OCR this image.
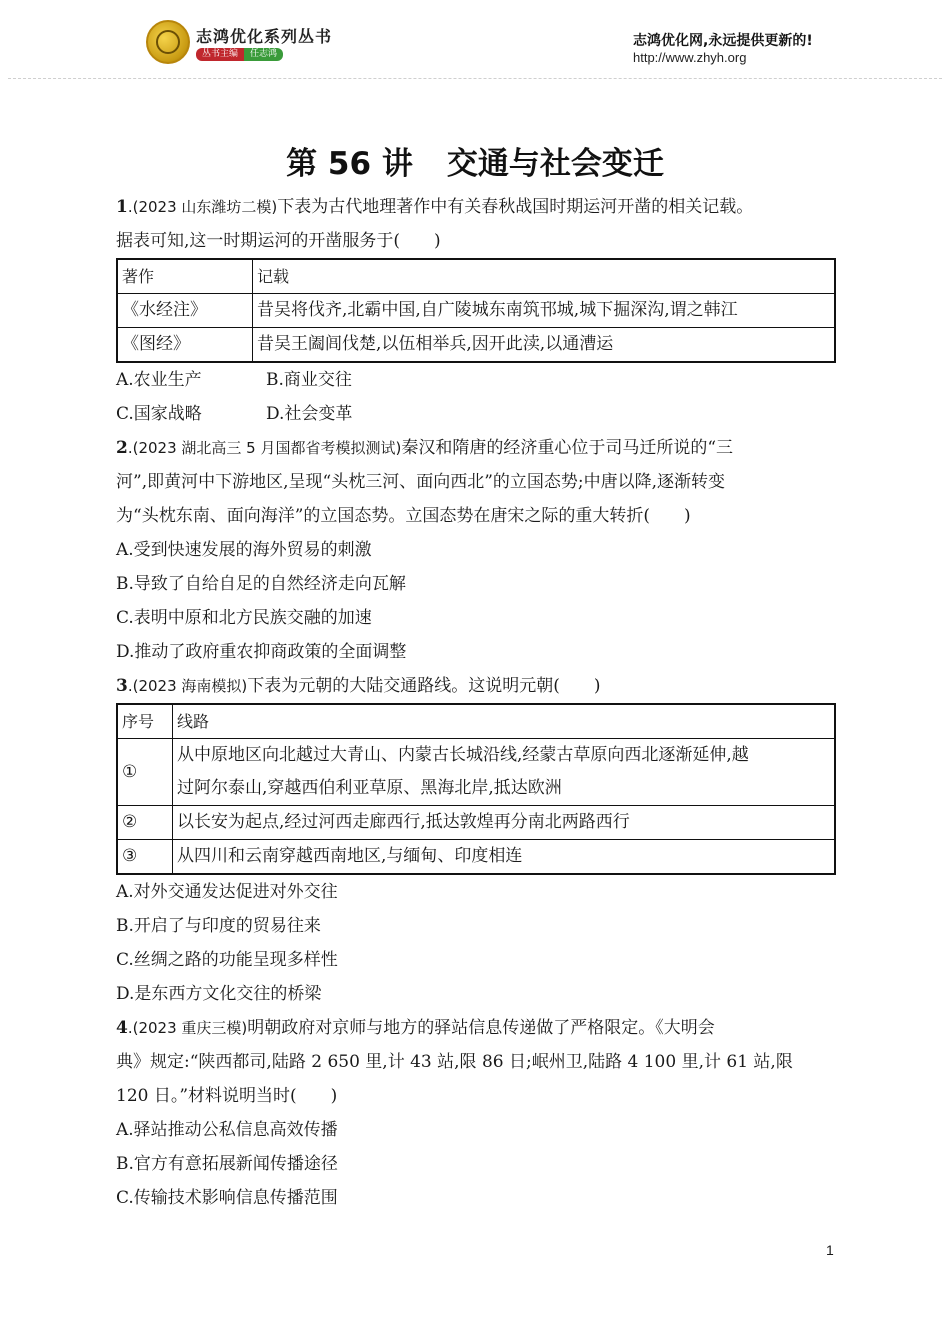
志鸿优化系列丛书
丛书主编 任志鸿
志鸿优化网,永远提供更新的!
http://www.zhyh.org
第 56 讲 交通与社会变迁
1.(2023 山东潍坊二模)下表为古代地理著作中有关春秋战国时期运河开凿的相关记载。
据表可知,这一时期运河的开凿服务于(　　)
著作	记载
《水经注》	昔吴将伐齐,北霸中国,自广陵城东南筑邗城,城下掘深沟,谓之韩江
《图经》	昔吴王阖闾伐楚,以伍相举兵,因开此渎,以通漕运
A.农业生产	B.商业交往
C.国家战略	D.社会变革
2.(2023 湖北高三 5 月国都省考模拟测试)秦汉和隋唐的经济重心位于司马迁所说的“三
河”,即黄河中下游地区,呈现“头枕三河、面向西北”的立国态势;中唐以降,逐渐转变
为“头枕东南、面向海洋”的立国态势。立国态势在唐宋之际的重大转折(　　)
A.受到快速发展的海外贸易的刺激
B.导致了自给自足的自然经济走向瓦解
C.表明中原和北方民族交融的加速
D.推动了政府重农抑商政策的全面调整
3.(2023 海南模拟)下表为元朝的大陆交通路线。这说明元朝(　　)
序号	线路
①	从中原地区向北越过大青山、内蒙古长城沿线,经蒙古草原向西北逐渐延伸,越
过阿尔泰山,穿越西伯利亚草原、黑海北岸,抵达欧洲

②	以长安为起点,经过河西走廊西行,抵达敦煌再分南北两路西行
③	从四川和云南穿越西南地区,与缅甸、印度相连
A.对外交通发达促进对外交往
B.开启了与印度的贸易往来
C.丝绸之路的功能呈现多样性
D.是东西方文化交往的桥梁
4.(2023 重庆三模)明朝政府对京师与地方的驿站信息传递做了严格限定。《大明会
典》规定:“陕西都司,陆路 2 650 里,计 43 站,限 86 日;岷州卫,陆路 4 100 里,计 61 站,限
120 日。”材料说明当时(　　)
A.驿站推动公私信息高效传播
B.官方有意拓展新闻传播途径
C.传输技术影响信息传播范围
1
